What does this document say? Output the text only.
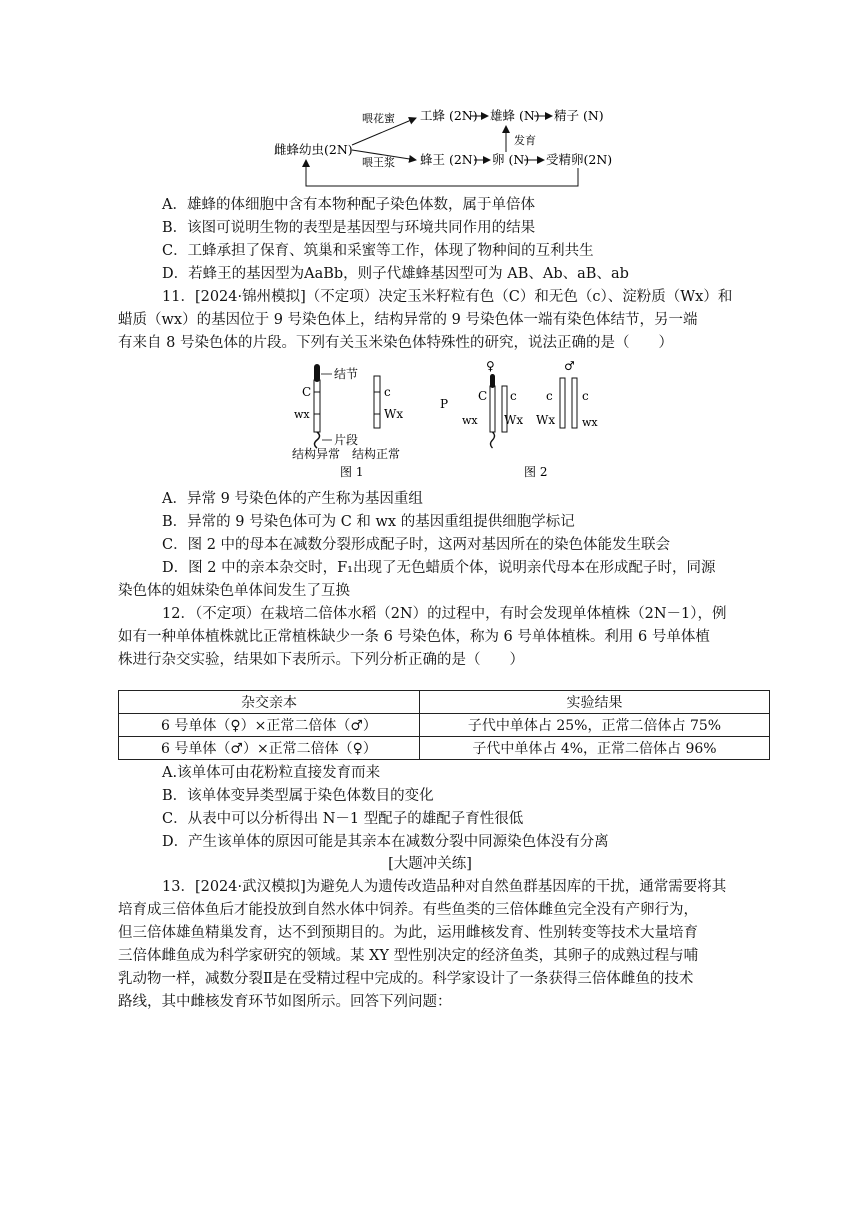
雌蜂幼虫(2N)
喂花蜜
喂王浆
工蜂 (2N) 雄蜂 (N) 精子 (N)
发育
蜂王 (2N) 卵 (N) 受精卵(2N)
A．雄蜂的体细胞中含有本物种配子染色体数，属于单倍体
B．该图可说明生物的表型是基因型与环境共同作用的结果
C．工蜂承担了保育、筑巢和采蜜等工作，体现了物种间的互利共生
D．若蜂王的基因型为AaBb，则子代雄蜂基因型可为 AB、Ab、aB、ab
11．[2024·锦州模拟]（不定项）决定玉米籽粒有色（C）和无色（c）、淀粉质（Wx）和
蜡质（wx）的基因位于 9 号染色体上，结构异常的 9 号染色体一端有染色体结节，另一端
有来自 8 号染色体的片段。下列有关玉米染色体特殊性的研究，说法正确的是（　　）
结节
C
wx
片段
c
Wx
结构异常 结构正常
图 1
P
♀
C
wx
c
Wx
♂
c
Wx
c
wx
图 2
A．异常 9 号染色体的产生称为基因重组
B．异常的 9 号染色体可为 C 和 wx 的基因重组提供细胞学标记
C．图 2 中的母本在减数分裂形成配子时，这两对基因所在的染色体能发生联会
D．图 2 中的亲本杂交时，F₁出现了无色蜡质个体，说明亲代母本在形成配子时，同源
染色体的姐妹染色单体间发生了互换
12．（不定项）在栽培二倍体水稻（2N）的过程中，有时会发现单体植株（2N－1），例
如有一种单体植株就比正常植株缺少一条 6 号染色体，称为 6 号单体植株。利用 6 号单体植
株进行杂交实验，结果如下表所示。下列分析正确的是（　　）
杂交亲本	实验结果
6 号单体（♀）×正常二倍体（♂）	子代中单体占 25%，正常二倍体占 75%
6 号单体（♂）×正常二倍体（♀）	子代中单体占 4%，正常二倍体占 96%
A.该单体可由花粉粒直接发育而来
B．该单体变异类型属于染色体数目的变化
C．从表中可以分析得出 N－1 型配子的雄配子育性很低
D．产生该单体的原因可能是其亲本在减数分裂中同源染色体没有分离
[大题冲关练]
13．[2024·武汉模拟]为避免人为遗传改造品种对自然鱼群基因库的干扰，通常需要将其
培育成三倍体鱼后才能投放到自然水体中饲养。有些鱼类的三倍体雌鱼完全没有产卵行为，
但三倍体雄鱼精巢发育，达不到预期目的。为此，运用雌核发育、性别转变等技术大量培育
三倍体雌鱼成为科学家研究的领域。某 XY 型性别决定的经济鱼类，其卵子的成熟过程与哺
乳动物一样，减数分裂Ⅱ是在受精过程中完成的。科学家设计了一条获得三倍体雌鱼的技术
路线，其中雌核发育环节如图所示。回答下列问题：
